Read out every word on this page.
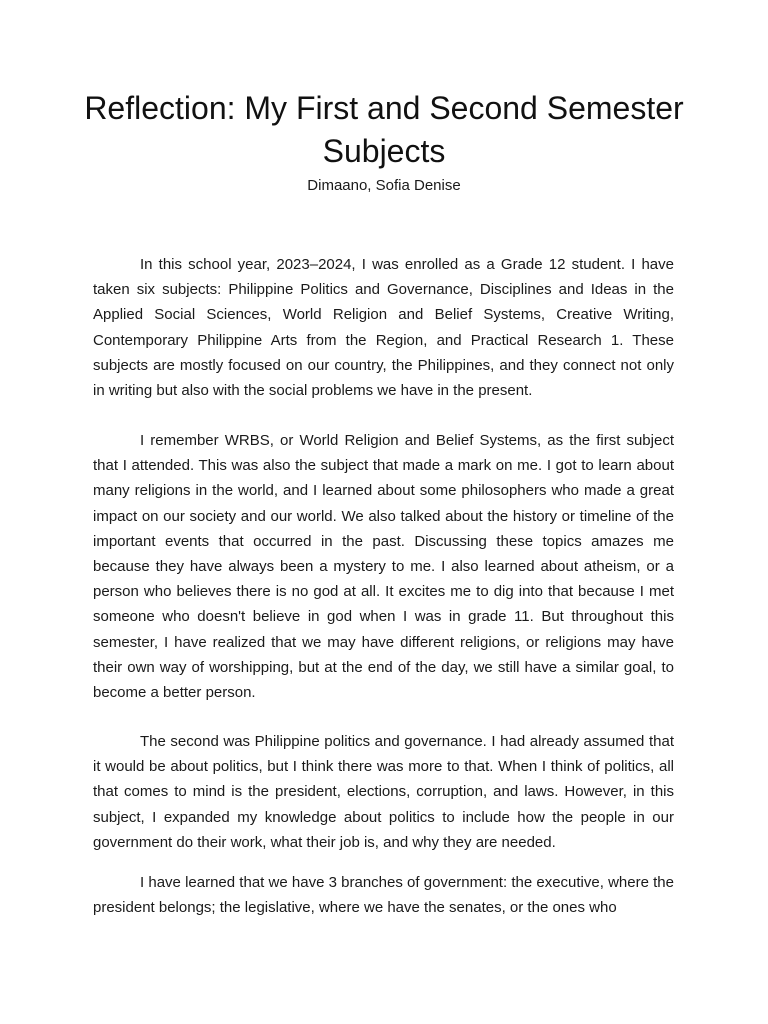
Reflection: My First and Second Semester Subjects

Dimaano, Sofia Denise

In this school year, 2023–2024, I was enrolled as a Grade 12 student. I have taken six subjects: Philippine Politics and Governance, Disciplines and Ideas in the Applied Social Sciences, World Religion and Belief Systems, Creative Writing, Contemporary Philippine Arts from the Region, and Practical Research 1. These subjects are mostly focused on our country, the Philippines, and they connect not only in writing but also with the social problems we have in the present.

I remember WRBS, or World Religion and Belief Systems, as the first subject that I attended. This was also the subject that made a mark on me. I got to learn about many religions in the world, and I learned about some philosophers who made a great impact on our society and our world. We also talked about the history or timeline of the important events that occurred in the past. Discussing these topics amazes me because they have always been a mystery to me. I also learned about atheism, or a person who believes there is no god at all. It excites me to dig into that because I met someone who doesn't believe in god when I was in grade 11. But throughout this semester, I have realized that we may have different religions, or religions may have their own way of worshipping, but at the end of the day, we still have a similar goal, to become a better person.

The second was Philippine politics and governance. I had already assumed that it would be about politics, but I think there was more to that. When I think of politics, all that comes to mind is the president, elections, corruption, and laws. However, in this subject, I expanded my knowledge about politics to include how the people in our government do their work, what their job is, and why they are needed.

I have learned that we have 3 branches of government: the executive, where the president belongs; the legislative, where we have the senates, or the ones who
